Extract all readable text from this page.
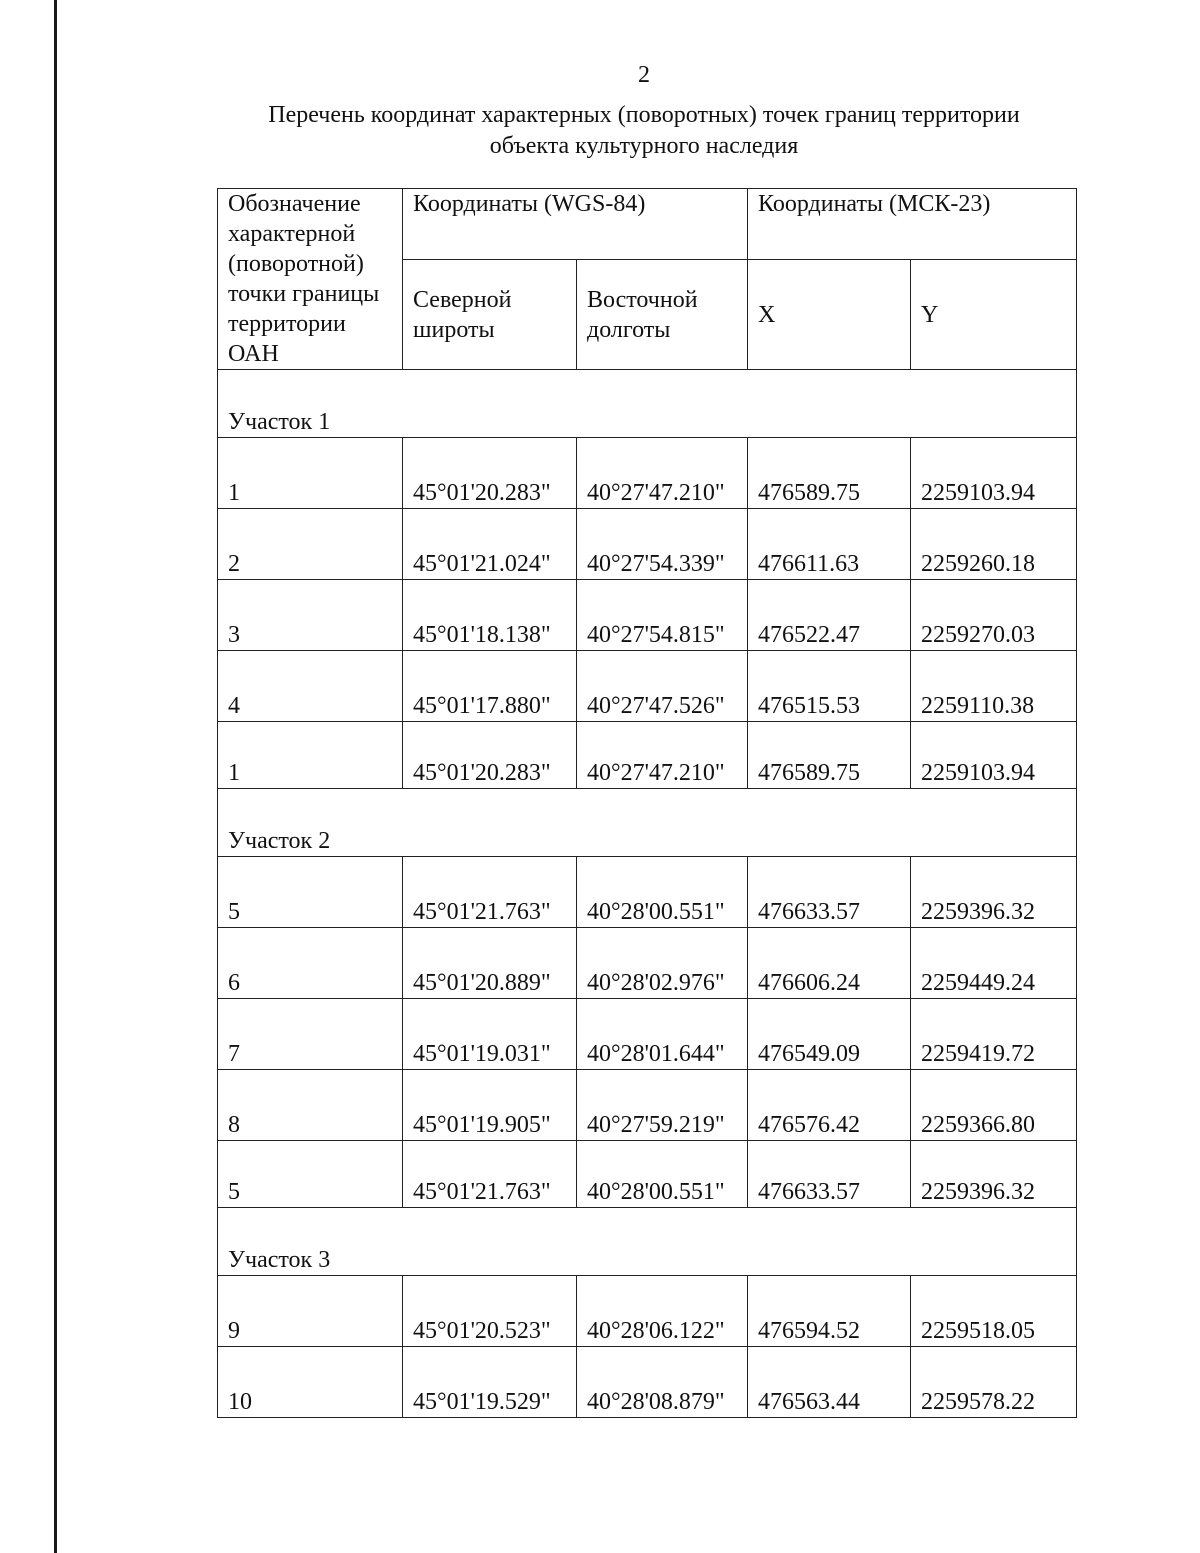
2
Перечень координат характерных (поворотных) точек границ территории
объекта культурного наследия
Обозначение характерной (поворотной) точки границы территории ОАН	Координаты (WGS-84)		Координаты (МСК-23)	
	Северной широты	Восточной долготы	X	Y
Участок 1				
1	45°01'20.283"	40°27'47.210"	476589.75	2259103.94
2	45°01'21.024"	40°27'54.339"	476611.63	2259260.18
3	45°01'18.138"	40°27'54.815"	476522.47	2259270.03
4	45°01'17.880"	40°27'47.526"	476515.53	2259110.38
1	45°01'20.283"	40°27'47.210"	476589.75	2259103.94
Участок 2				
5	45°01'21.763"	40°28'00.551"	476633.57	2259396.32
6	45°01'20.889"	40°28'02.976"	476606.24	2259449.24
7	45°01'19.031"	40°28'01.644"	476549.09	2259419.72
8	45°01'19.905"	40°27'59.219"	476576.42	2259366.80
5	45°01'21.763"	40°28'00.551"	476633.57	2259396.32
Участок 3				
9	45°01'20.523"	40°28'06.122"	476594.52	2259518.05
10	45°01'19.529"	40°28'08.879"	476563.44	2259578.22
